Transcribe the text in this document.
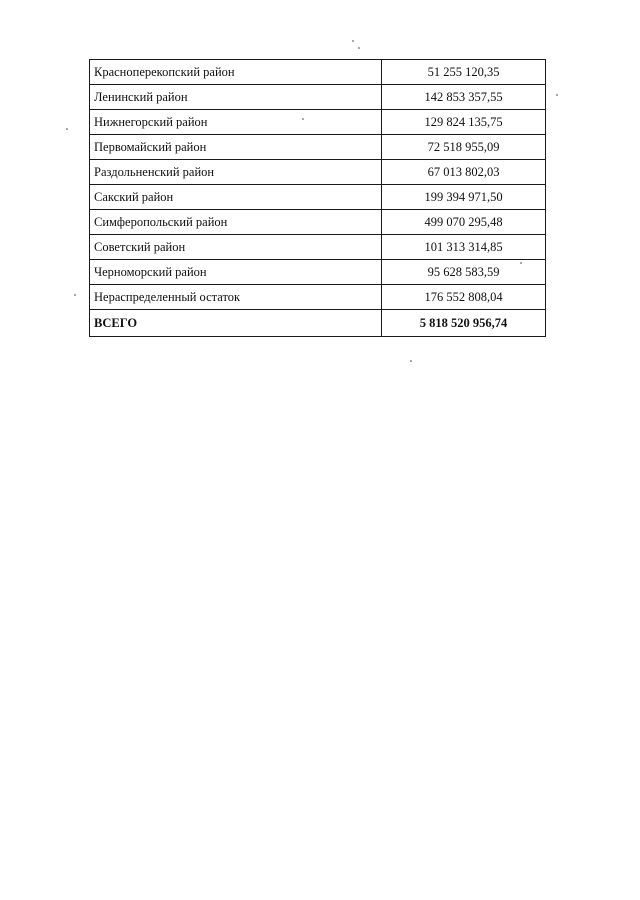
Красноперекопский район	51 255 120,35
Ленинский район	142 853 357,55
Нижнегорский район	129 824 135,75
Первомайский район	72 518 955,09
Раздольненский район	67 013 802,03
Сакский район	199 394 971,50
Симферопольский район	499 070 295,48
Советский район	101 313 314,85
Черноморский район	95 628 583,59
Нераспределенный остаток	176 552 808,04
ВСЕГО	5 818 520 956,74
